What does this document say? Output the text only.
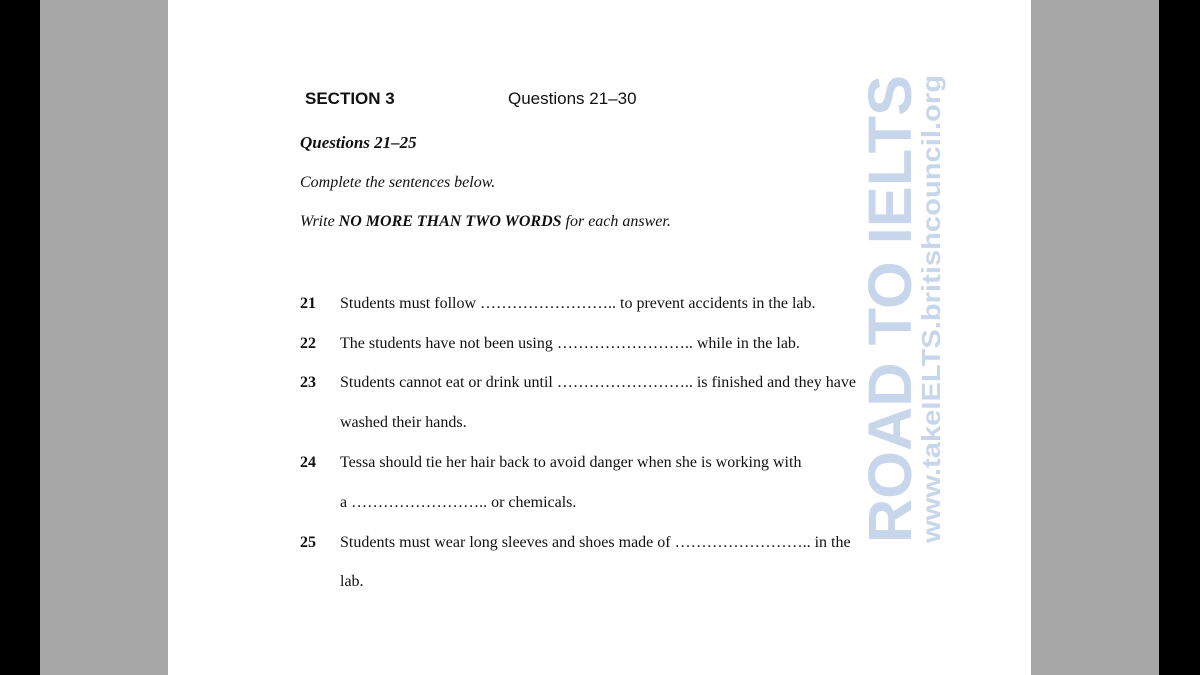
SECTION 3	Questions 21–30
Questions 21–25
Complete the sentences below.
Write NO MORE THAN TWO WORDS for each answer.
21 Students must follow …………………….. to prevent accidents in the lab.
22 The students have not been using …………………….. while in the lab.
23 Students cannot eat or drink until …………………….. is finished and they have
washed their hands.
24 Tessa should tie her hair back to avoid danger when she is working with
a …………………….. or chemicals.
25 Students must wear long sleeves and shoes made of …………………….. in the
lab.
ROAD TO IELTS
www.takeIELTS.britishcouncil.org
